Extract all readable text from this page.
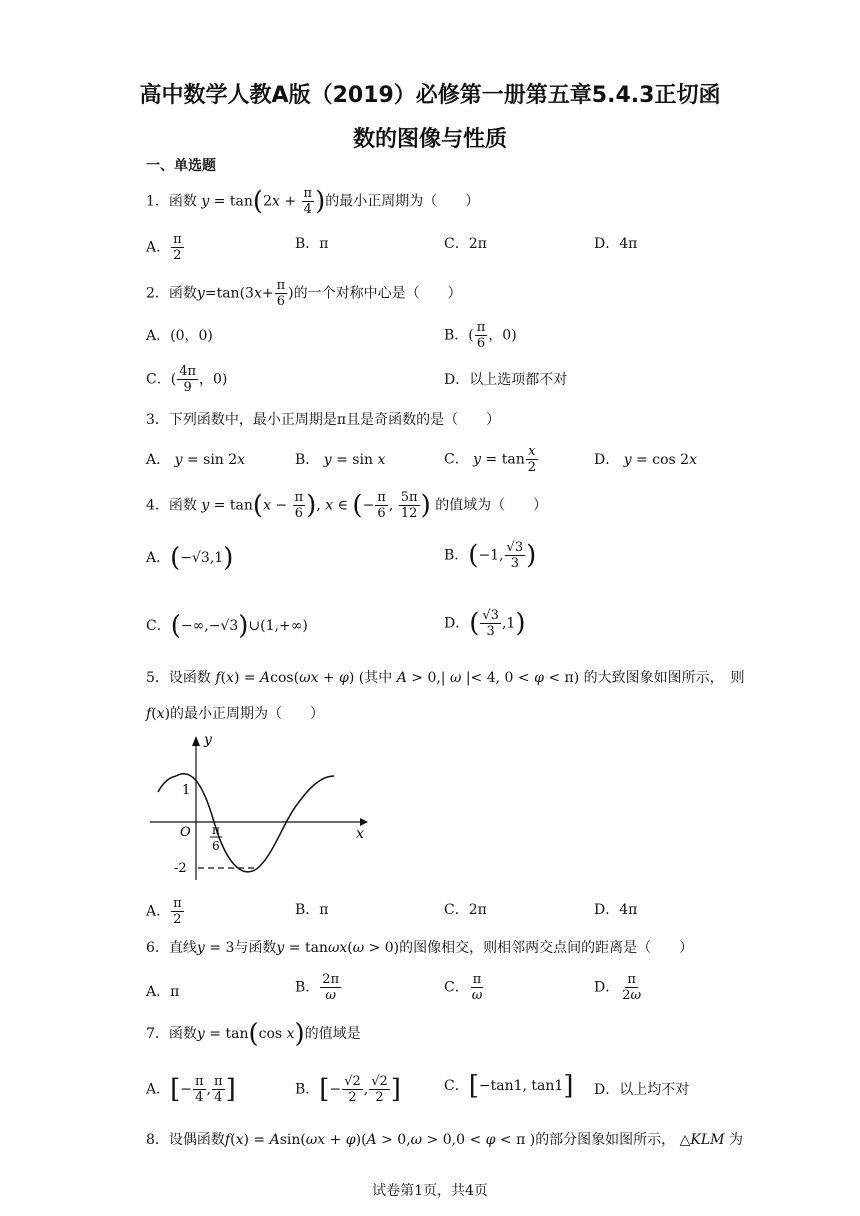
高中数学人教A版（2019）必修第一册第五章5.4.3正切函
数的图像与性质
一、单选题
1．函数 $y = \tan(2x + \frac{\pi}{4}$ )的最小正周期为（　　）
A． $\frac{\pi}{2}$	B．π	C．2π	D．4π
2．函数$y=\tan(3x+ \frac{\pi}{6}$ )的一个对称中心是（　　）
A．(0，0)	B．( $\frac{\pi}{6}$ ，0)
C．( $\frac{4\pi}{9}$ ，0)	D．以上选项都不对
3．下列函数中，最小正周期是π且是奇函数的是（　　）
A． y = sin 2x	B． y = sin x	C． $y = \tan \frac{x}{2}$	D． y = cos 2x
4．函数 $y = \tan(x - \frac{\pi}{6}$ ), x ∈ (− $\frac{\pi}{6}$ , $\frac{5\pi}{12}$ ) 的值域为（　　）
A．(−√3,1)	B．(−1, $\frac{√3}{3}$ )
C．(−∞,−√3)∪(1,+∞)	D．( $\frac{√3}{3} ,1$)
5．设函数 f(x) = Acos(ωx + φ) (其中 A > 0,| ω |< 4, 0 < φ < π) 的大致图象如图所示，　则
f(x)的最小正周期为（　　）
y
x
O
1
-2
π
6
A． $\frac{\pi}{2}$	B．π	C．2π	D．4π
6．直线y = 3与函数y = tanωx(ω > 0)的图像相交，则相邻两交点间的距离是（　　）
A．π	B． $\frac{2\pi}{\omega}$	C． $\frac{\pi}{\omega}$	D． $\frac{\pi}{2\omega}$
7．函数y = tan(cos x)的值域是
A．[− $\frac{\pi}{4}$ , $\frac{\pi}{4}$ ]	B．[− $\frac{√2}{2}$ , $\frac{√2}{2}$ ]	C．[−tan1, tan1] D．以上均不对
8．设偶函数f(x) = Asin(ωx + φ)(A > 0,ω > 0,0 < φ < π )的部分图象如图所示， △KLM 为
试卷第1页，共4页
